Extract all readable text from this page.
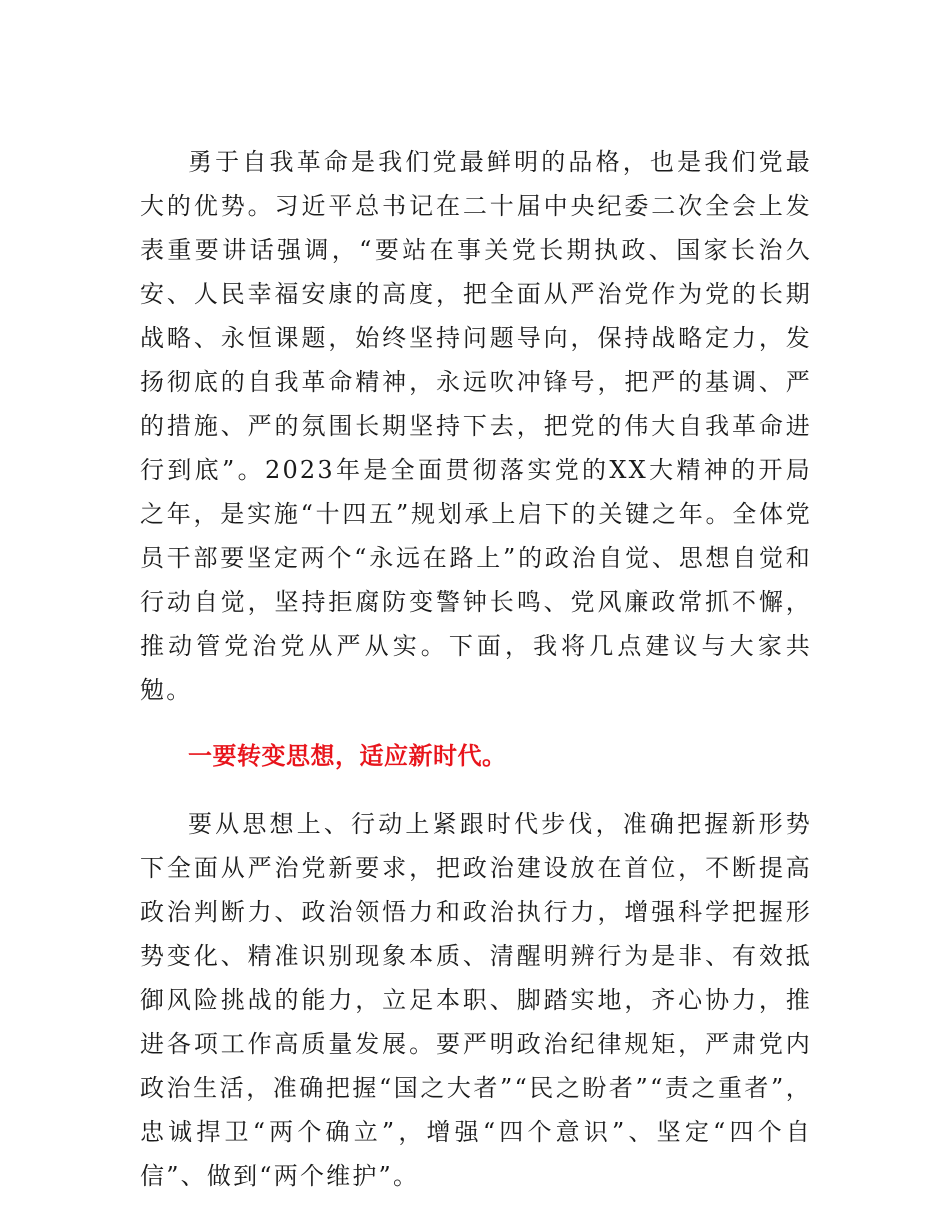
勇于自我革命是我们党最鲜明的品格，也是我们党最大的优势。习近平总书记在二十届中央纪委二次全会上发表重要讲话强调，“要站在事关党长期执政、国家长治久安、人民幸福安康的高度，把全面从严治党作为党的长期战略、永恒课题，始终坚持问题导向，保持战略定力，发扬彻底的自我革命精神，永远吹冲锋号，把严的基调、严的措施、严的氛围长期坚持下去，把党的伟大自我革命进行到底”。2023年是全面贯彻落实党的XX大精神的开局之年，是实施“十四五”规划承上启下的关键之年。全体党员干部要坚定两个“永远在路上”的政治自觉、思想自觉和行动自觉，坚持拒腐防变警钟长鸣、党风廉政常抓不懈，推动管党治党从严从实。下面，我将几点建议与大家共勉。

一要转变思想，适应新时代。

要从思想上、行动上紧跟时代步伐，准确把握新形势下全面从严治党新要求，把政治建设放在首位，不断提高政治判断力、政治领悟力和政治执行力，增强科学把握形势变化、精准识别现象本质、清醒明辨行为是非、有效抵御风险挑战的能力，立足本职、脚踏实地，齐心协力，推进各项工作高质量发展。要严明政治纪律规矩，严肃党内政治生活，准确把握“国之大者”“民之盼者”“责之重者”，忠诚捍卫“两个确立”，增强“四个意识”、坚定“四个自信”、做到“两个维护”。
